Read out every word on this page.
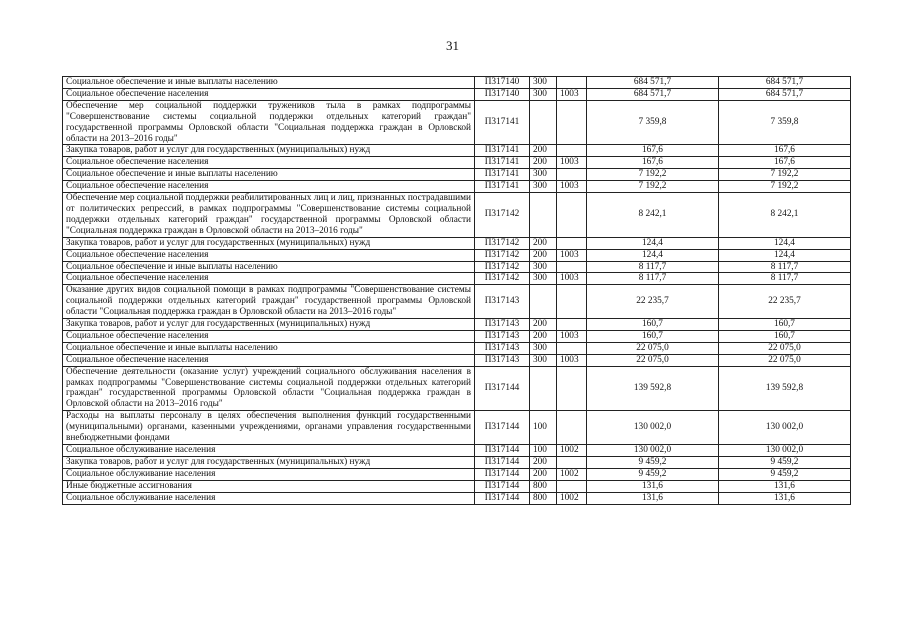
31
Социальное обеспечение и иные выплаты населению	П317140	300		684 571,7	684 571,7
Социальное обеспечение населения	П317140	300	1003	684 571,7	684 571,7
Обеспечение мер социальной поддержки тружеников тыла в рамках подпрограммы "Совершенствование системы социальной поддержки отдельных категорий граждан" государственной программы Орловской области "Социальная поддержка граждан в Орловской области на 2013–2016 годы"	П317141			7 359,8	7 359,8
Закупка товаров, работ и услуг для государственных (муниципальных) нужд	П317141	200		167,6	167,6
Социальное обеспечение населения	П317141	200	1003	167,6	167,6
Социальное обеспечение и иные выплаты населению	П317141	300		7 192,2	7 192,2
Социальное обеспечение населения	П317141	300	1003	7 192,2	7 192,2
Обеспечение мер социальной поддержки реабилитированных лиц и лиц, признанных пострадавшими от политических репрессий, в рамках подпрограммы "Совершенствование системы социальной поддержки отдельных категорий граждан" государственной программы Орловской области "Социальная поддержка граждан в Орловской области на 2013–2016 годы"	П317142			8 242,1	8 242,1
Закупка товаров, работ и услуг для государственных (муниципальных) нужд	П317142	200		124,4	124,4
Социальное обеспечение населения	П317142	200	1003	124,4	124,4
Социальное обеспечение и иные выплаты населению	П317142	300		8 117,7	8 117,7
Социальное обеспечение населения	П317142	300	1003	8 117,7	8 117,7
Оказание других видов социальной помощи в рамках подпрограммы "Совершенствование системы социальной поддержки отдельных категорий граждан" государственной программы Орловской области "Социальная поддержка граждан в Орловской области на 2013–2016 годы"	П317143			22 235,7	22 235,7
Закупка товаров, работ и услуг для государственных (муниципальных) нужд	П317143	200		160,7	160,7
Социальное обеспечение населения	П317143	200	1003	160,7	160,7
Социальное обеспечение и иные выплаты населению	П317143	300		22 075,0	22 075,0
Социальное обеспечение населения	П317143	300	1003	22 075,0	22 075,0
Обеспечение деятельности (оказание услуг) учреждений социального обслуживания населения в рамках подпрограммы "Совершенствование системы социальной поддержки отдельных категорий граждан" государственной программы Орловской области "Социальная поддержка граждан в Орловской области на 2013–2016 годы"	П317144			139 592,8	139 592,8
Расходы на выплаты персоналу в целях обеспечения выполнения функций государственными (муниципальными) органами, казенными учреждениями, органами управления государственными внебюджетными фондами	П317144	100		130 002,0	130 002,0
Социальное обслуживание населения	П317144	100	1002	130 002,0	130 002,0
Закупка товаров, работ и услуг для государственных (муниципальных) нужд	П317144	200		9 459,2	9 459,2
Социальное обслуживание населения	П317144	200	1002	9 459,2	9 459,2
Иные бюджетные ассигнования	П317144	800		131,6	131,6
Социальное обслуживание населения	П317144	800	1002	131,6	131,6
